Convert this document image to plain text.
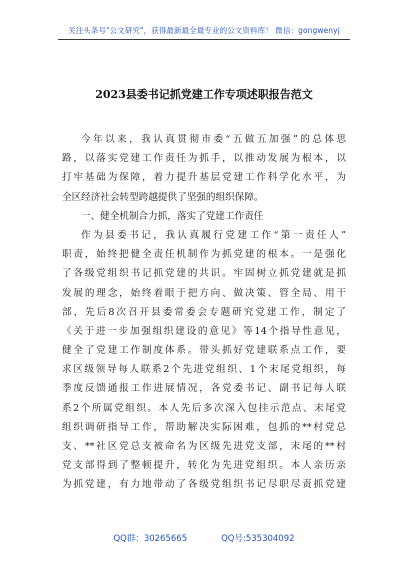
关注头条号"公文研究"，获得最新最全最专业的公文资料库！ 微信：gongwenyj
2023县委书记抓党建工作专项述职报告范文
今年以来，我认真贯彻市委“五做五加强”的总体思
路，以落实党建工作责任为抓手，以推动发展为根本，以
打牢基础为保障，着力提升基层党建工作科学化水平，为
全区经济社会转型跨越提供了坚强的组织保障。
一、健全机制合力抓，落实了党建工作责任
作为县委书记，我认真履行党建工作“第一责任人”
职责，始终把健全责任机制作为抓党建的根本。一是强化
了各级党组织书记抓党建的共识。牢固树立抓党建就是抓
发展的理念，始终着眼于把方向、做决策、管全局、用干
部，先后8次召开县委常委会专题研究党建工作，制定了
《关于进一步加强组织建设的意见》等14个指导性意见，
健全了党建工作制度体系。带头抓好党建联系点工作，要
求区级领导每人联系2个先进党组织、1个末尾党组织，每
季度反馈通报工作进展情况，各党委书记、副书记每人联
系2个所属党组织。本人先后多次深入包挂示范点、末尾党
组织调研指导工作，帮助解决实际困难，包抓的**村党总
支、**社区党总支被命名为区级先进党支部，末尾的**村
党支部得到了整顿提升，转化为先进党组织。本人亲历亲
为抓党建，有力地带动了各级党组织书记尽职尽责抓党建
QQ群：30265665	QQ号:535304092
